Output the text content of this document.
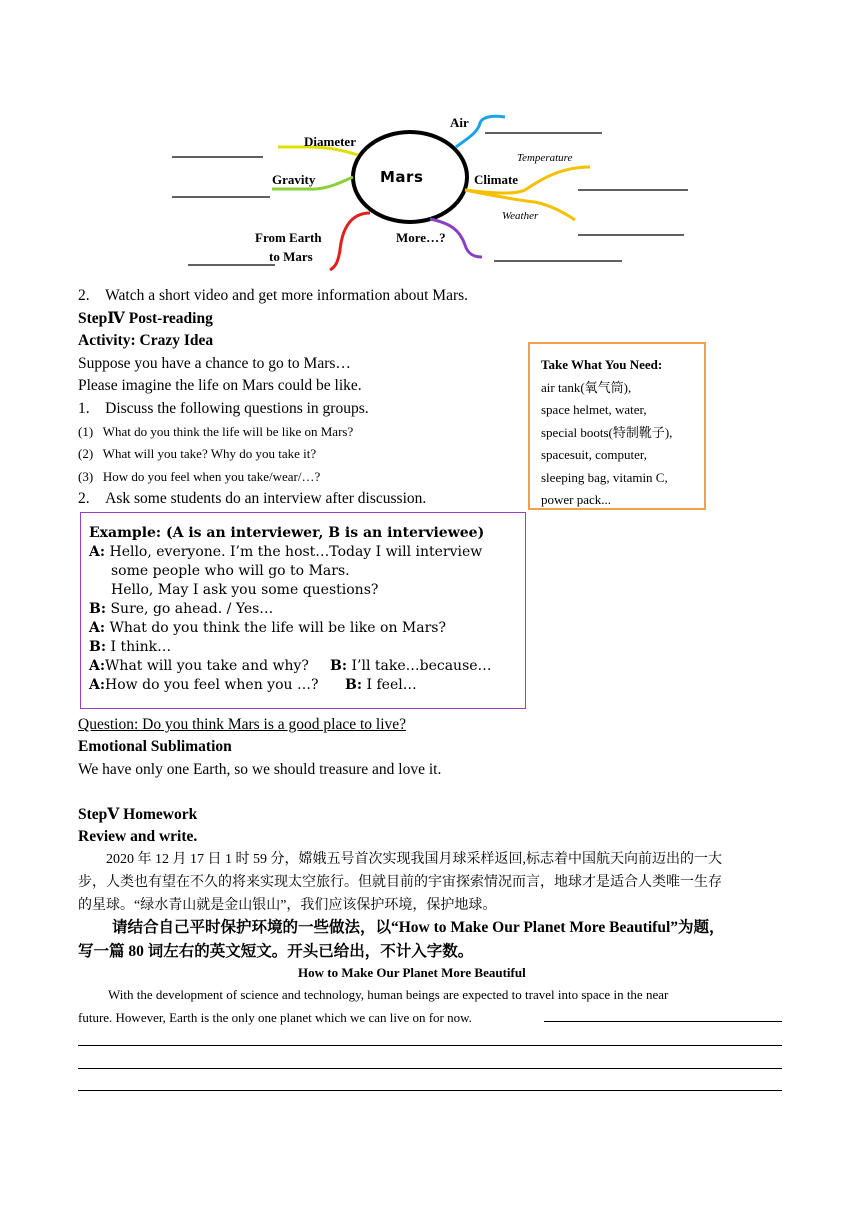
Mars
Air
Diameter
Gravity	Climate
Temperature
Weather
From Earth
to Mars
More…?
2. Watch a short video and get more information about Mars.
StepⅣ Post-reading
Activity: Crazy Idea
Suppose you have a chance to go to Mars…
Please imagine the life on Mars could be like.
1. Discuss the following questions in groups.
(1)  What do you think the life will be like on Mars?
(2)  What will you take? Why do you take it?
(3)  How do you feel when you take/wear/…?
2. Ask some students do an interview after discussion.
Take What You Need:
air tank(氧气筒),
space helmet, water,
special boots(特制靴子),
spacesuit, computer,
sleeping bag, vitamin C,
power pack...
Example: (A is an interviewer, B is an interviewee)
A: Hello, everyone. I’m the host…Today I will interview
some people who will go to Mars.
Hello, May I ask you some questions?
B: Sure, go ahead. / Yes…
A: What do you think the life will be like on Mars?
B: I think…
A:What will you take and why? B: I’ll take…because…
A:How do you feel when you …? B: I feel…
Question: Do you think Mars is a good place to live?
Emotional Sublimation
We have only one Earth, so we should treasure and love it.
StepⅤ Homework
Review and write.
2020 年 12 月 17 日 1 时 59 分，嫦娥五号首次实现我国月球采样返回,标志着中国航天向前迈出的一大
步，人类也有望在不久的将来实现太空旅行。但就目前的宇宙探索情况而言，地球才是适合人类唯一生存
的星球。“绿水青山就是金山银山”，我们应该保护环境，保护地球。
请结合自己平时保护环境的一些做法，以“How to Make Our Planet More Beautiful”为题，
写一篇 80 词左右的英文短文。开头已给出，不计入字数。
How to Make Our Planet More Beautiful
With the development of science and technology, human beings are expected to travel into space in the near
future. However, Earth is the only one planet which we can live on for now.
